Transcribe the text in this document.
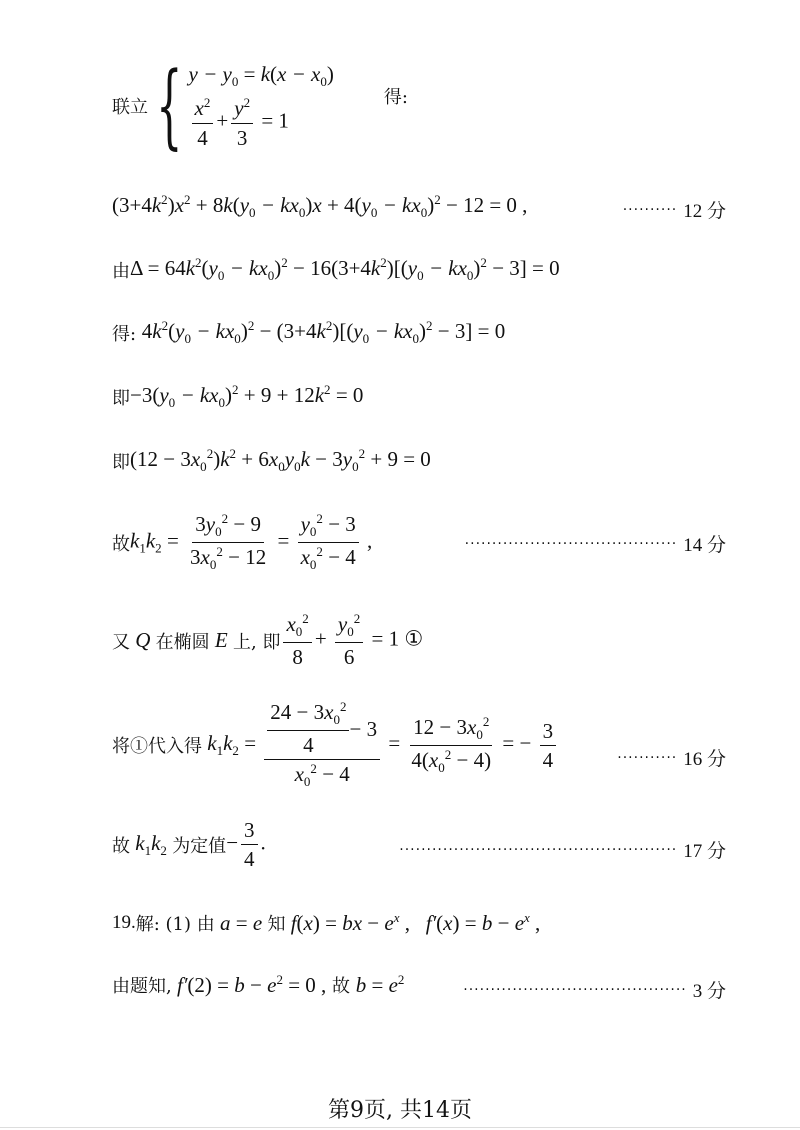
联立 { $y - y_0 = k(x - x_0)$
$\frac{x^2}{4} + \frac{y^2}{3} = 1$
得:
$(3+4k^2)x^2 + 8k(y_0 - kx_0)x + 4(y_0 - kx_0)^2 - 12 = 0$ ,	·········· 12 分
由 $\Delta = 64k^2(y_0 - kx_0)^2 - 16(3+4k^2)[(y_0 - kx_0)^2 - 3] = 0$
得: $4k^2(y_0 - kx_0)^2 - (3+4k^2)[(y_0 - kx_0)^2 - 3] = 0$
即 $-3(y_0 - kx_0)^2 + 9 + 12k^2 = 0$
即 $(12 - 3x_0^2)k^2 + 6x_0y_0k - 3y_0^2 + 9 = 0$
故 $k_1k_2 = \frac{3y_0^2 - 9}{3x_0^2 - 12} = \frac{y_0^2 - 3}{x_0^2 - 4}$ ,	······································· 14 分
又 Q 在椭圆 E 上, 即 $\frac{x_0^2}{8} + \frac{y_0^2}{6} = 1$ ①
将①代入得 $k_1k_2 = \frac{\frac{24 - 3x_0^2}{4} - 3}{x_0^2 - 4} = \frac{12 - 3x_0^2}{4(x_0^2 - 4)}$ = − $\frac{3}{4}$	··········· 16 分
故 $k_1k_2$ 为定值 − $\frac{3}{4}$ .	··················································· 17 分
19. 解: (1) 由 a = e 知 f(x) = bx − $e^x$ ,   $f'(x) = b - e^x$ ,
由题知, $f'(2) = b - e^2 = 0$ , 故 $b = e^2$
········································· 3 分
第9页, 共14页
